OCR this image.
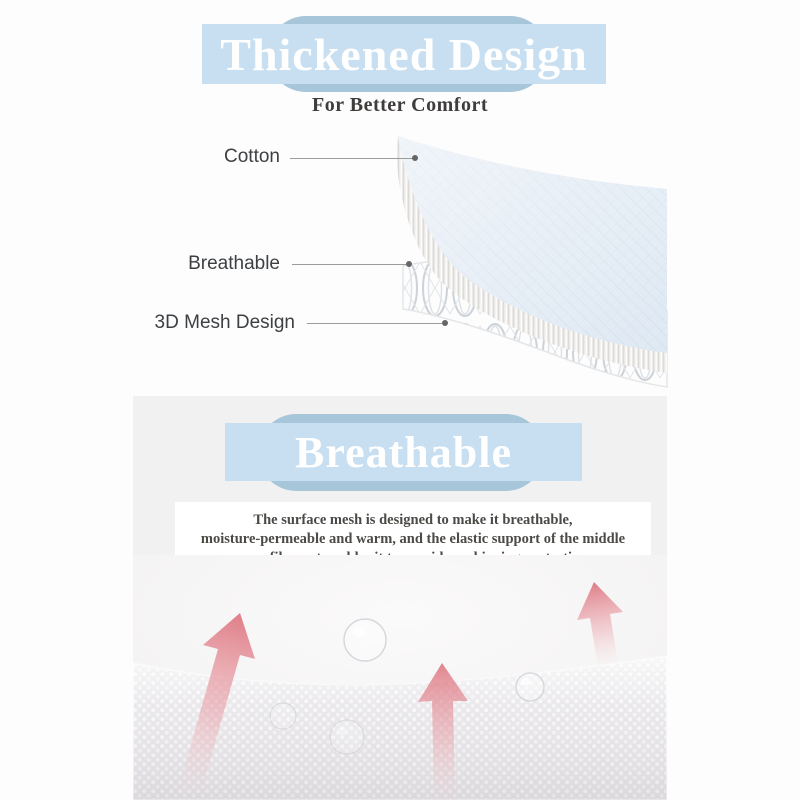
Thickened Design
For Better Comfort
Cotton
Breathable
3D Mesh Design
Breathable
The surface mesh is designed to make it breathable,
moisture-permeable and warm, and the elastic support of the middle
